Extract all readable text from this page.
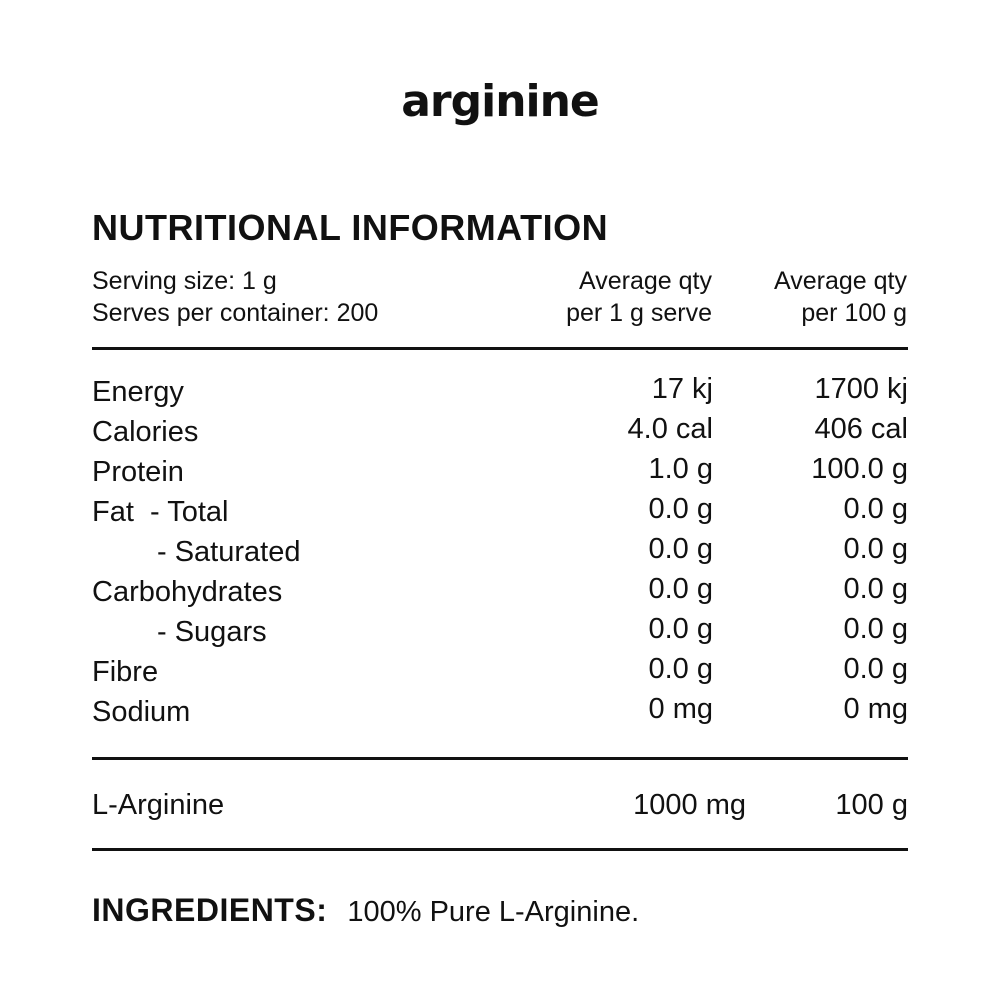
arginine
NUTRITIONAL INFORMATION
Serving size: 1 g
Serves per container: 200
Average qty
per 1 g serve
Average qty
per 100 g
Energy	17 kj	1700 kj
Calories	4.0 cal	406 cal
Protein	1.0 g	100.0 g
Fat  - Total	0.0 g	0.0 g
- Saturated	0.0 g	0.0 g
Carbohydrates	0.0 g	0.0 g
- Sugars	0.0 g	0.0 g
Fibre	0.0 g	0.0 g
Sodium	0 mg	0 mg
L-Arginine	1000 mg	100 g
INGREDIENTS: 100% Pure L-Arginine.
